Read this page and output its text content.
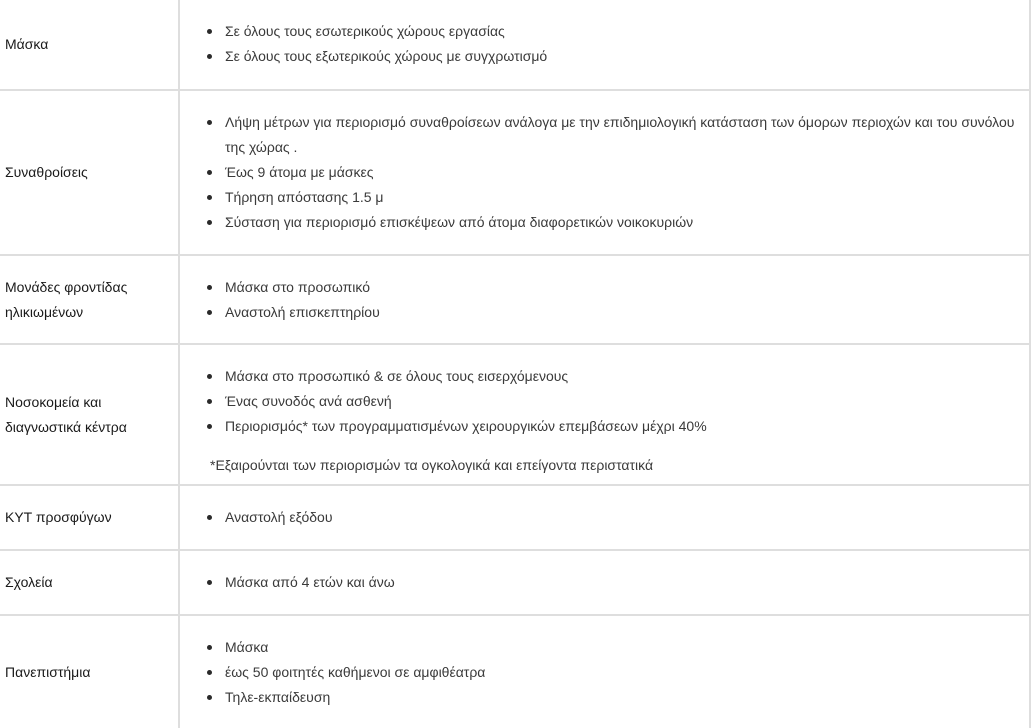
Μάσκα
Σε όλους τους εσωτερικούς χώρους εργασίας
Σε όλους τους εξωτερικούς χώρους με συγχρωτισμό
Συναθροίσεις
Λήψη μέτρων για περιορισμό συναθροίσεων ανάλογα με την επιδημιολογική κατάσταση των όμορων περιοχών και του συνόλου της χώρας .
Έως 9 άτομα με μάσκες
Τήρηση απόστασης 1.5 μ
Σύσταση για περιορισμό επισκέψεων από άτομα διαφορετικών νοικοκυριών
Μονάδες φροντίδας ηλικιωμένων
Μάσκα στο προσωπικό
Αναστολή επισκεπτηρίου
Νοσοκομεία και διαγνωστικά κέντρα
Μάσκα στο προσωπικό & σε όλους τους εισερχόμενους
Ένας συνοδός ανά ασθενή
Περιορισμός* των προγραμματισμένων χειρουργικών επεμβάσεων μέχρι 40%
*Εξαιρούνται των περιορισμών τα ογκολογικά και επείγοντα περιστατικά
ΚΥΤ προσφύγων	Αναστολή εξόδου
Σχολεία	Μάσκα από 4 ετών και άνω
Πανεπιστήμια
Μάσκα
έως 50 φοιτητές καθήμενοι σε αμφιθέατρα
Τηλε-εκπαίδευση
